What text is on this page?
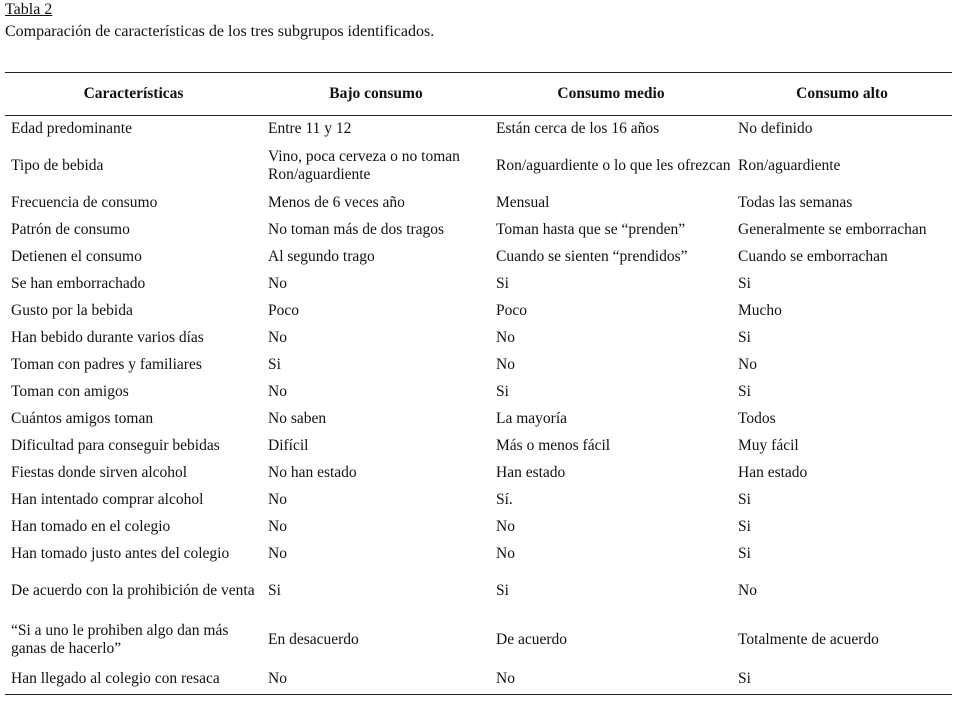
Tabla 2
Comparación de características de los tres subgrupos identificados.
Características	Bajo consumo	Consumo medio	Consumo alto
Edad predominante	Entre 11 y 12	Están cerca de los 16 años	No definido
Tipo de bebida	Vino, poca cerveza o no toman Ron/aguardiente	Ron/aguardiente o lo que les ofrezcan	Ron/aguardiente
Frecuencia de consumo	Menos de 6 veces año	Mensual	Todas las semanas
Patrón de consumo	No toman más de dos tragos	Toman hasta que se “prenden”	Generalmente se emborrachan
Detienen el consumo	Al segundo trago	Cuando se sienten “prendidos”	Cuando se emborrachan
Se han emborrachado	No	Si	Si
Gusto por la bebida	Poco	Poco	Mucho
Han bebido durante varios días	No	No	Si
Toman con padres y familiares	Si	No	No
Toman con amigos	No	Si	Si
Cuántos amigos toman	No saben	La mayoría	Todos
Dificultad para conseguir bebidas	Difícil	Más o menos fácil	Muy fácil
Fiestas donde sirven alcohol	No han estado	Han estado	Han estado
Han intentado comprar alcohol	No	Sí.	Si
Han tomado en el colegio	No	No	Si
Han tomado justo antes del colegio	No	No	Si
De acuerdo con la prohibición de venta	Si	Si	No
“Si a uno le prohiben algo dan más ganas de hacerlo”	En desacuerdo	De acuerdo	Totalmente de acuerdo
Han llegado al colegio con resaca	No	No	Si
